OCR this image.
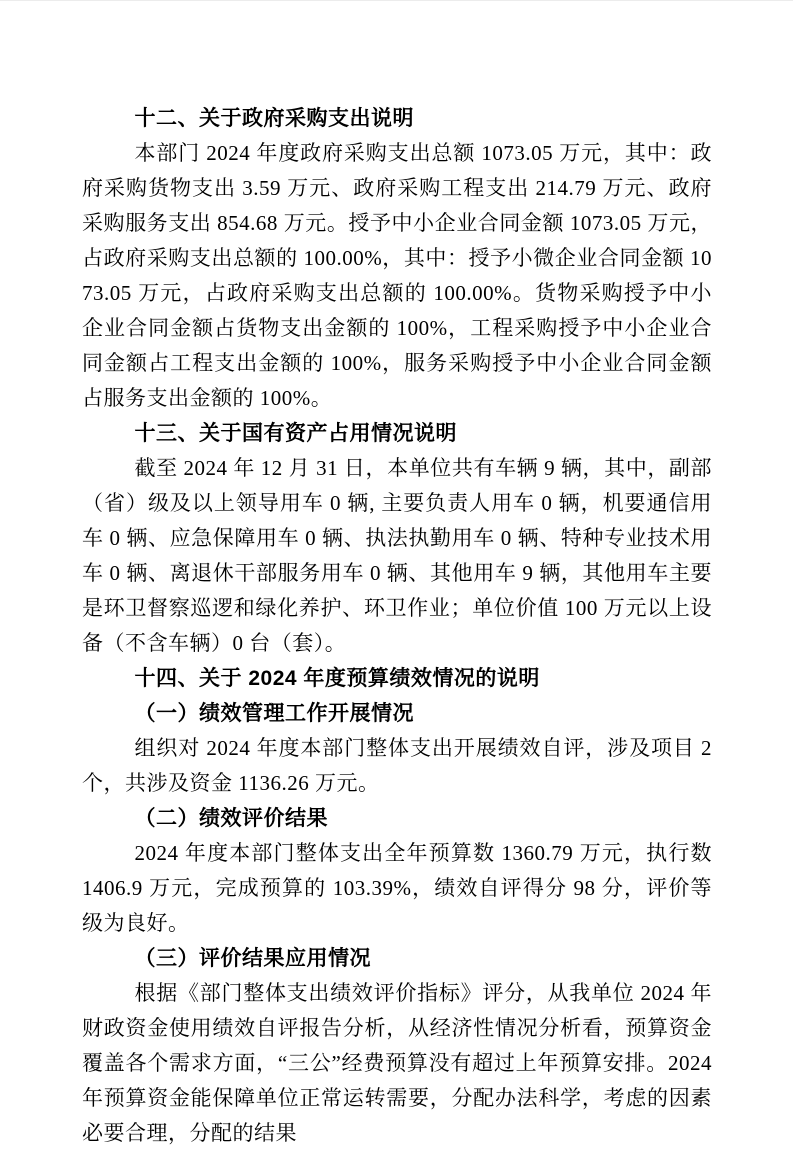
十二、关于政府采购支出说明
本部门 2024 年度政府采购支出总额 1073.05 万元，其中：政府采购货物支出 3.59 万元、政府采购工程支出 214.79 万元、政府采购服务支出 854.68 万元。授予中小企业合同金额 1073.05 万元，占政府采购支出总额的 100.00%，其中：授予小微企业合同金额 1073.05 万元，占政府采购支出总额的 100.00%。货物采购授予中小企业合同金额占货物支出金额的 100%，工程采购授予中小企业合同金额占工程支出金额的 100%，服务采购授予中小企业合同金额占服务支出金额的 100%。
十三、关于国有资产占用情况说明
截至 2024 年 12 月 31 日，本单位共有车辆 9 辆，其中，副部（省）级及以上领导用车 0 辆, 主要负责人用车 0 辆，机要通信用车 0 辆、应急保障用车 0 辆、执法执勤用车 0 辆、特种专业技术用车 0 辆、离退休干部服务用车 0 辆、其他用车 9 辆，其他用车主要是环卫督察巡逻和绿化养护、环卫作业；单位价值 100 万元以上设备（不含车辆）0 台（套）。
十四、关于 2024 年度预算绩效情况的说明
（一）绩效管理工作开展情况
组织对 2024 年度本部门整体支出开展绩效自评，涉及项目 2 个，共涉及资金 1136.26 万元。
（二）绩效评价结果
2024 年度本部门整体支出全年预算数 1360.79 万元，执行数 1406.9 万元，完成预算的 103.39%，绩效自评得分 98 分，评价等级为良好。
（三）评价结果应用情况
根据《部门整体支出绩效评价指标》评分，从我单位 2024 年财政资金使用绩效自评报告分析，从经济性情况分析看，预算资金覆盖各个需求方面，“三公”经费预算没有超过上年预算安排。2024 年预算资金能保障单位正常运转需要，分配办法科学，考虑的因素必要合理，分配的结果
